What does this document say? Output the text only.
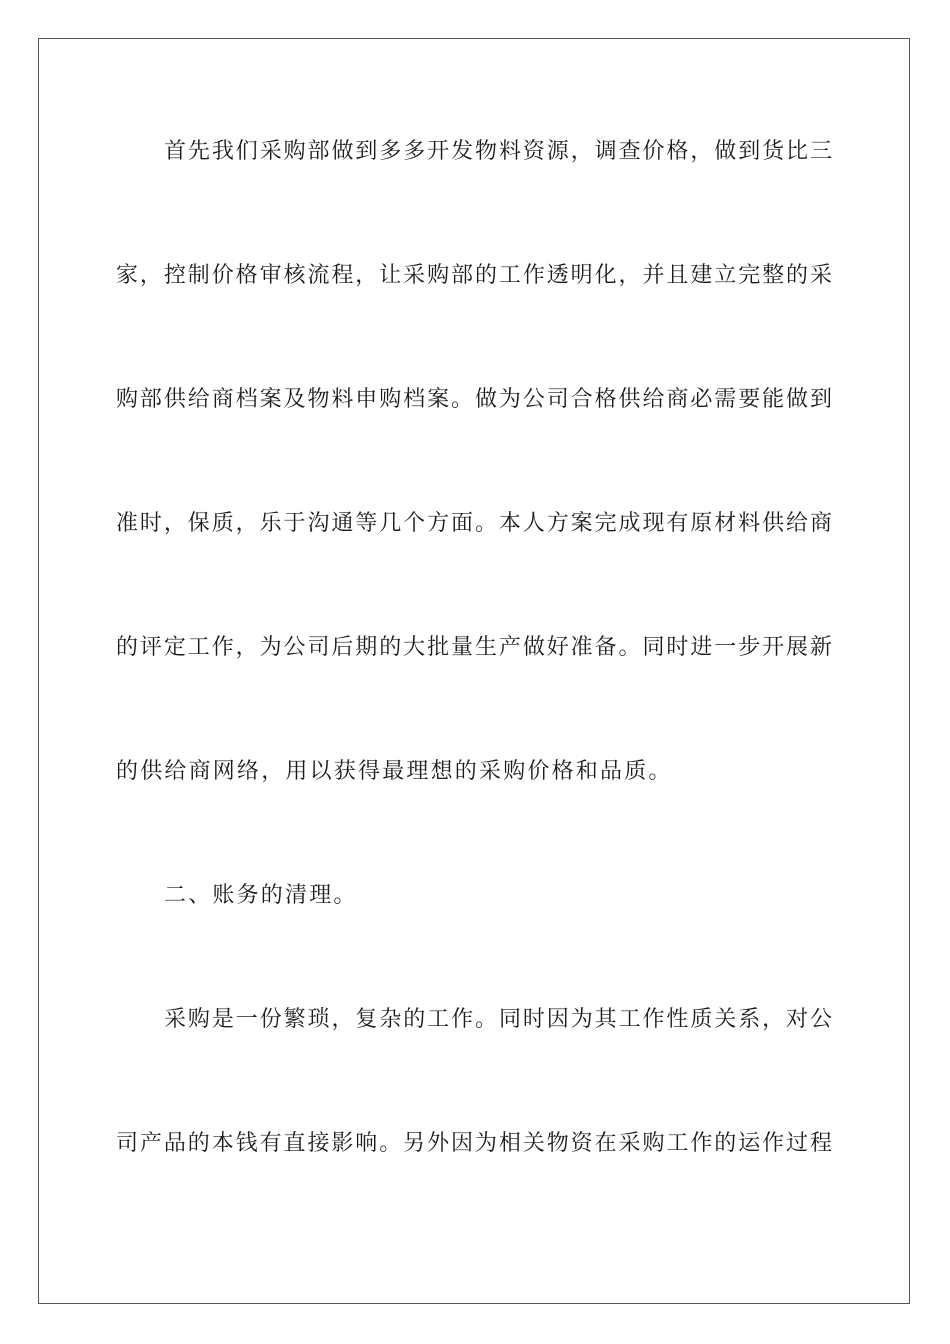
首先我们采购部做到多多开发物料资源，调查价格，做到货比三
家，控制价格审核流程，让采购部的工作透明化，并且建立完整的采
购部供给商档案及物料申购档案。做为公司合格供给商必需要能做到
准时，保质，乐于沟通等几个方面。本人方案完成现有原材料供给商
的评定工作，为公司后期的大批量生产做好准备。同时进一步开展新
的供给商网络，用以获得最理想的采购价格和品质。
二、账务的清理。
采购是一份繁琐，复杂的工作。同时因为其工作性质关系，对公
司产品的本钱有直接影响。另外因为相关物资在采购工作的运作过程
